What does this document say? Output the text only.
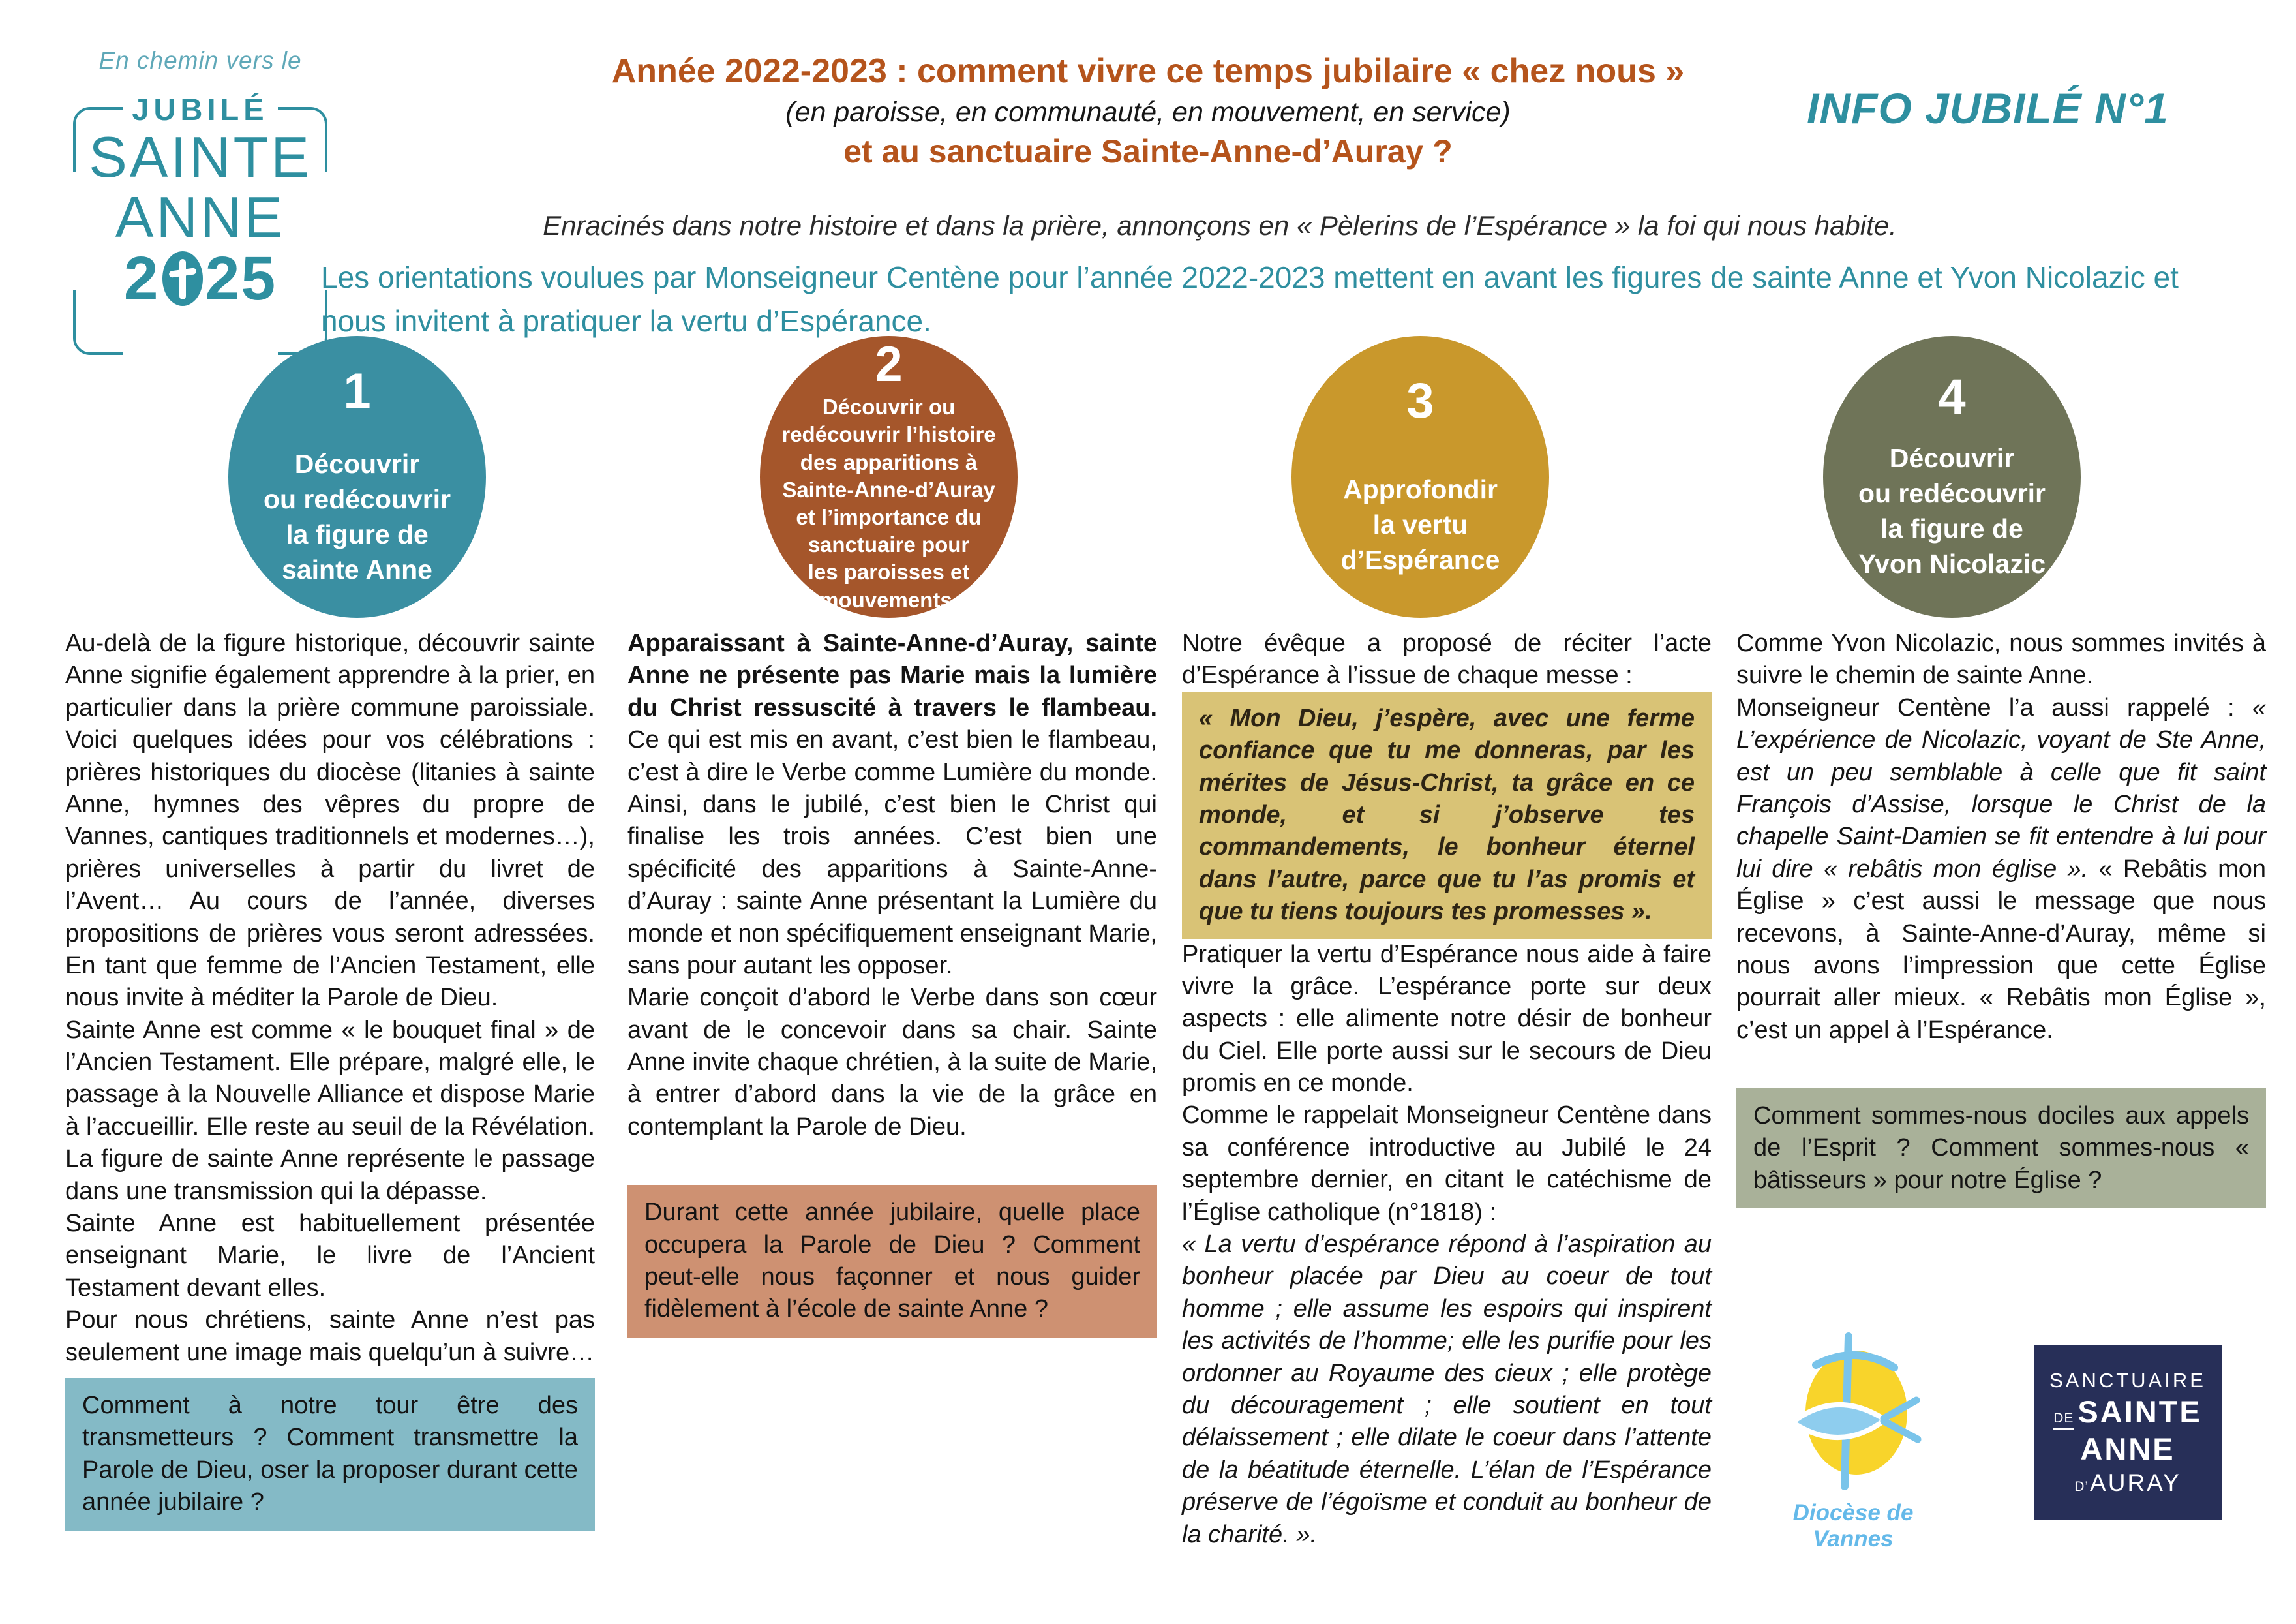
En chemin vers le
JUBILÉ
SAINTE
ANNE
2 25
Année 2022-2023 : comment vivre ce temps jubilaire « chez nous »
(en paroisse, en communauté, en mouvement, en service)
et au sanctuaire Sainte-Anne-d’Auray ?
Enracinés dans notre histoire et dans la prière, annonçons en « Pèlerins de l’Espérance » la foi qui nous habite.
INFO JUBILÉ N°1
Les orientations voulues par Monseigneur Centène pour l’année 2022-2023 mettent en avant les figures de sainte Anne et Yvon Nicolazic et nous invitent à pratiquer la vertu d’Espérance.
1
Découvrir
ou redécouvrir
la figure de
sainte Anne
2
Découvrir ou
redécouvrir l’histoire
des apparitions à
Sainte-Anne-d’Auray
et l’importance du
sanctuaire pour
les paroisses et
mouvements.
3
Approfondir
la vertu
d’Espérance
4
Découvrir
ou redécouvrir
la figure de
Yvon Nicolazic

Au-delà de la figure historique, découvrir sainte Anne signifie également apprendre à la prier, en particulier dans la prière commune paroissiale. Voici quelques idées pour vos célébrations : prières historiques du diocèse (litanies à sainte Anne, hymnes des vêpres du propre de Vannes, cantiques traditionnels et modernes…), prières universelles à partir du livret de l’Avent… Au cours de l’année, diverses propositions de prières vous seront adressées. En tant que femme de l’Ancien Testament, elle nous invite à méditer la Parole de Dieu.

Sainte Anne est comme « le bouquet final » de l’Ancien Testament. Elle prépare, malgré elle, le passage à la Nouvelle Alliance et dispose Marie à l’accueillir. Elle reste au seuil de la Révélation. La figure de sainte Anne représente le passage dans une transmission qui la dépasse.

Sainte Anne est habituellement présentée enseignant Marie, le livre de l’Ancient Testament devant elles.

Pour nous chrétiens, sainte Anne n’est pas seulement une image mais quelqu’un à suivre…

Comment à notre tour être des transmetteurs ? Comment transmettre la Parole de Dieu, oser la proposer durant cette année jubilaire ?

Apparaissant à Sainte-Anne-d’Auray, sainte Anne ne présente pas Marie mais la lumière du Christ ressuscité à travers le flambeau. Ce qui est mis en avant, c’est bien le flambeau, c’est à dire le Verbe comme Lumière du monde. Ainsi, dans le jubilé, c’est bien le Christ qui finalise les trois années. C’est bien une spécificité des apparitions à Sainte-Anne-d’Auray : sainte Anne présentant la Lumière du monde et non spécifiquement enseignant Marie, sans pour autant les opposer.

Marie conçoit d’abord le Verbe dans son cœur avant de le concevoir dans sa chair. Sainte Anne invite chaque chrétien, à la suite de Marie, à entrer d’abord dans la vie de la grâce en contemplant la Parole de Dieu.

Durant cette année jubilaire, quelle place occupera la Parole de Dieu ? Comment peut-elle nous façonner et nous guider fidèlement à l’école de sainte Anne ?

Notre évêque a proposé de réciter l’acte d’Espérance à l’issue de chaque messe :

« Mon Dieu, j’espère, avec une ferme confiance que tu me donneras, par les mérites de Jésus-Christ, ta grâce en ce monde, et si j’observe tes commandements, le bonheur éternel dans l’autre, parce que tu l’as promis et que tu tiens toujours tes promesses ».

Pratiquer la vertu d’Espérance nous aide à faire vivre la grâce. L’espérance porte sur deux aspects : elle alimente notre désir de bonheur du Ciel. Elle porte aussi sur le secours de Dieu promis en ce monde.

Comme le rappelait Monseigneur Centène dans sa conférence introductive au Jubilé le 24 septembre dernier, en citant le catéchisme de l’Église catholique (n°1818) :

« La vertu d’espérance répond à l’aspiration au bonheur placée par Dieu au coeur de tout homme ; elle assume les espoirs qui inspirent les activités de l’homme; elle les purifie pour les ordonner au Royaume des cieux ; elle protège du découragement ; elle soutient en tout délaissement ; elle dilate le coeur dans l’attente de la béatitude éternelle. L’élan de l’Espérance préserve de l’égoïsme et conduit au bonheur de la charité. ».

Comme Yvon Nicolazic, nous sommes invités à suivre le chemin de sainte Anne.

Monseigneur Centène l’a aussi rappelé : « L’expérience de Nicolazic, voyant de Ste Anne, est un peu semblable à celle que fit saint François d’Assise, lorsque le Christ de la chapelle Saint-Damien se fit entendre à lui pour lui dire « rebâtis mon église ». « Rebâtis mon Église » c’est aussi le message que nous recevons, à Sainte-Anne-d’Auray, même si nous avons l’impression que cette Église pourrait aller mieux. « Rebâtis mon Église », c’est un appel à l’Espérance.

Comment sommes-nous dociles aux appels de l’Esprit ? Comment sommes-nous « bâtisseurs » pour notre Église ?
Diocèse de Vannes
SANCTUAIRE
DE SAINTE
ANNE
D’ AURAY
